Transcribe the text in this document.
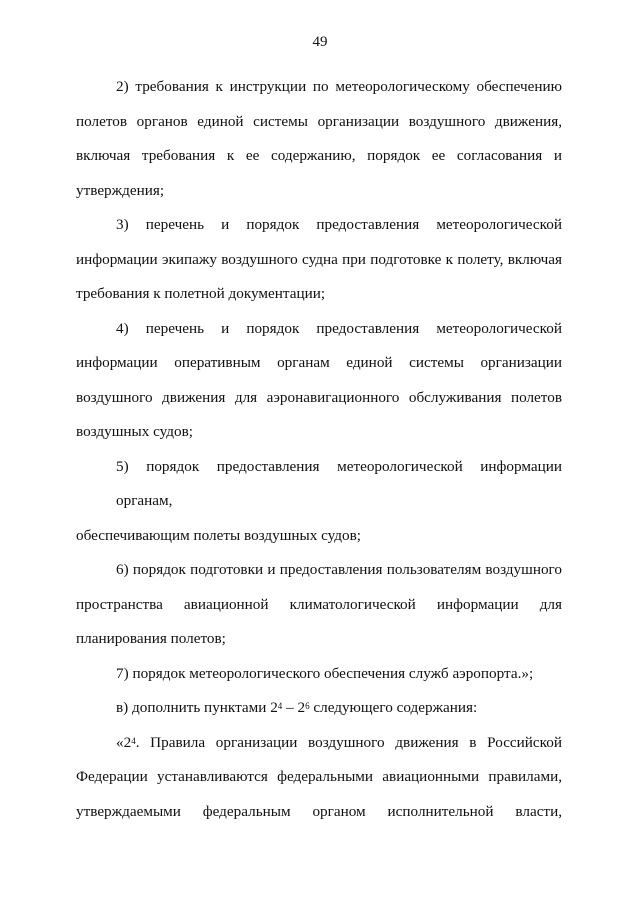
49
2) требования к инструкции по метеорологическому обеспечению
полетов органов единой системы организации воздушного движения,
включая требования к ее содержанию, порядок ее согласования и
утверждения;
3) перечень и порядок предоставления метеорологической
информации экипажу воздушного судна при подготовке к полету, включая
требования к полетной документации;
4) перечень и порядок предоставления метеорологической
информации оперативным органам единой системы организации
воздушного движения для аэронавигационного обслуживания полетов
воздушных судов;
5) порядок предоставления метеорологической информации органам,
обеспечивающим полеты воздушных судов;
6) порядок подготовки и предоставления пользователям воздушного
пространства авиационной климатологической информации для
планирования полетов;
7) порядок метеорологического обеспечения служб аэропорта.»;
в) дополнить пунктами $2^4 - 2^6$ следующего содержания:
«$2^4$. Правила организации воздушного движения в Российской
Федерации устанавливаются федеральными авиационными правилами,
утверждаемыми федеральным органом исполнительной власти,
